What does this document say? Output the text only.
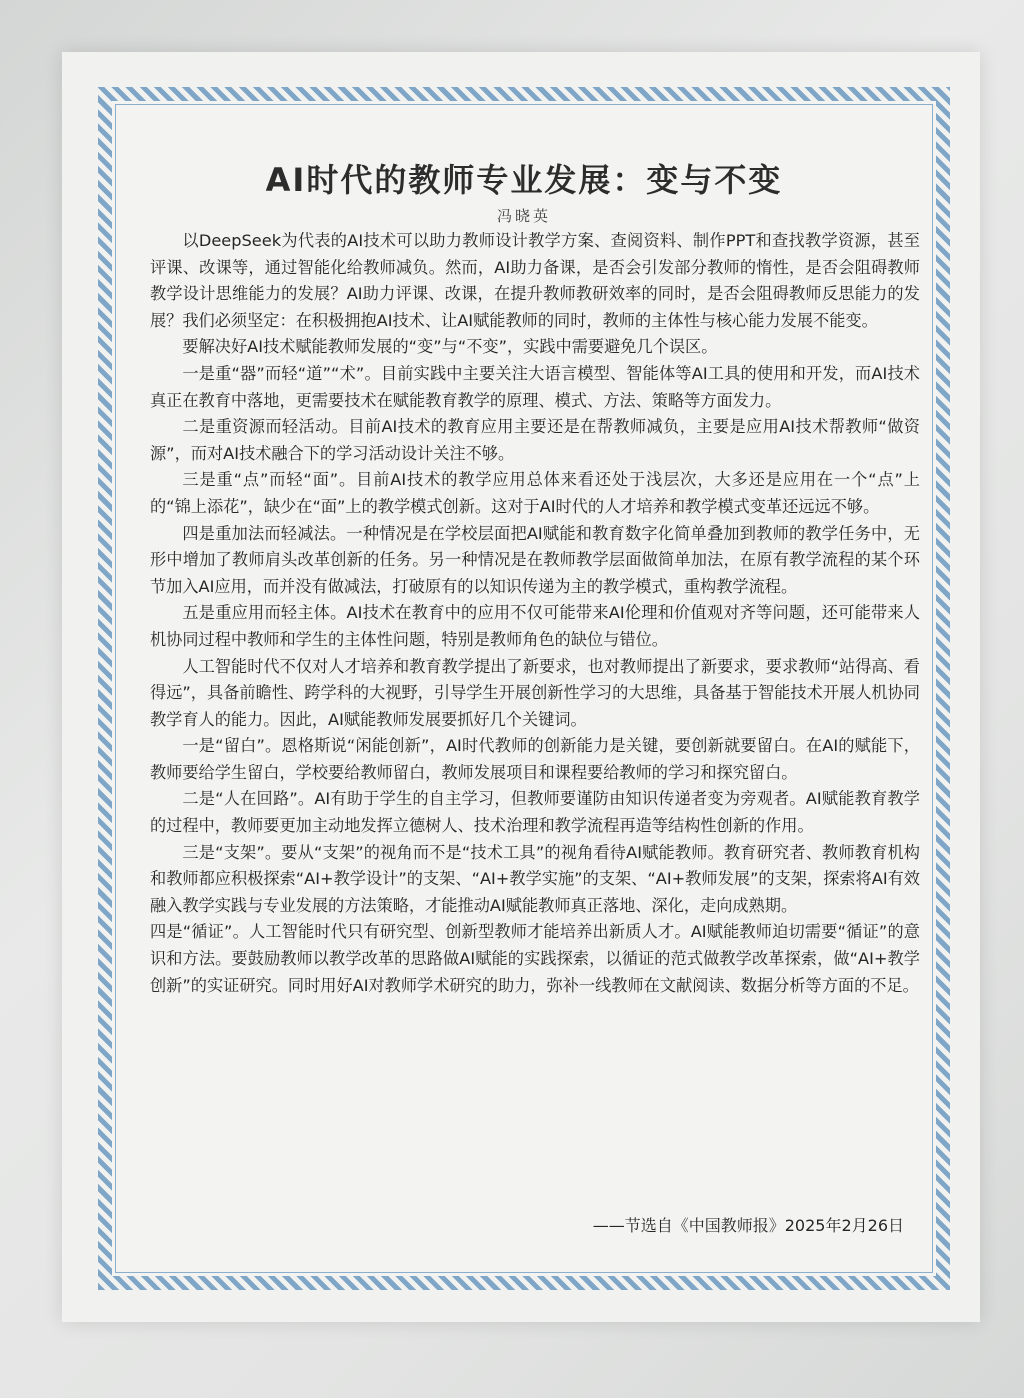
AI时代的教师专业发展：变与不变
冯晓英

以DeepSeek为代表的AI技术可以助力教师设计教学方案、查阅资料、制作PPT和查找教学资源，甚至评课、改课等，通过智能化给教师减负。然而，AI助力备课，是否会引发部分教师的惰性，是否会阻碍教师教学设计思维能力的发展？AI助力评课、改课，在提升教师教研效率的同时，是否会阻碍教师反思能力的发展？我们必须坚定：在积极拥抱AI技术、让AI赋能教师的同时，教师的主体性与核心能力发展不能变。

要解决好AI技术赋能教师发展的“变”与“不变”，实践中需要避免几个误区。

一是重“器”而轻“道”“术”。目前实践中主要关注大语言模型、智能体等AI工具的使用和开发，而AI技术真正在教育中落地，更需要技术在赋能教育教学的原理、模式、方法、策略等方面发力。

二是重资源而轻活动。目前AI技术的教育应用主要还是在帮教师减负，主要是应用AI技术帮教师“做资源”，而对AI技术融合下的学习活动设计关注不够。

三是重“点”而轻“面”。目前AI技术的教学应用总体来看还处于浅层次，大多还是应用在一个“点”上的“锦上添花”，缺少在“面”上的教学模式创新。这对于AI时代的人才培养和教学模式变革还远远不够。

四是重加法而轻减法。一种情况是在学校层面把AI赋能和教育数字化简单叠加到教师的教学任务中，无形中增加了教师肩头改革创新的任务。另一种情况是在教师教学层面做简单加法，在原有教学流程的某个环节加入AI应用，而并没有做减法，打破原有的以知识传递为主的教学模式，重构教学流程。

五是重应用而轻主体。AI技术在教育中的应用不仅可能带来AI伦理和价值观对齐等问题，还可能带来人机协同过程中教师和学生的主体性问题，特别是教师角色的缺位与错位。

人工智能时代不仅对人才培养和教育教学提出了新要求，也对教师提出了新要求，要求教师“站得高、看得远”，具备前瞻性、跨学科的大视野，引导学生开展创新性学习的大思维，具备基于智能技术开展人机协同教学育人的能力。因此，AI赋能教师发展要抓好几个关键词。

一是“留白”。恩格斯说“闲能创新”，AI时代教师的创新能力是关键，要创新就要留白。在AI的赋能下，教师要给学生留白，学校要给教师留白，教师发展项目和课程要给教师的学习和探究留白。

二是“人在回路”。AI有助于学生的自主学习，但教师要谨防由知识传递者变为旁观者。AI赋能教育教学的过程中，教师要更加主动地发挥立德树人、技术治理和教学流程再造等结构性创新的作用。

三是“支架”。要从“支架”的视角而不是“技术工具”的视角看待AI赋能教师。教育研究者、教师教育机构和教师都应积极探索“AI+教学设计”的支架、“AI+教学实施”的支架、“AI+教师发展”的支架，探索将AI有效融入教学实践与专业发展的方法策略，才能推动AI赋能教师真正落地、深化，走向成熟期。

四是“循证”。人工智能时代只有研究型、创新型教师才能培养出新质人才。AI赋能教师迫切需要“循证”的意识和方法。要鼓励教师以教学改革的思路做AI赋能的实践探索，以循证的范式做教学改革探索，做“AI+教学创新”的实证研究。同时用好AI对教师学术研究的助力，弥补一线教师在文献阅读、数据分析等方面的不足。

——节选自《中国教师报》2025年2月26日
